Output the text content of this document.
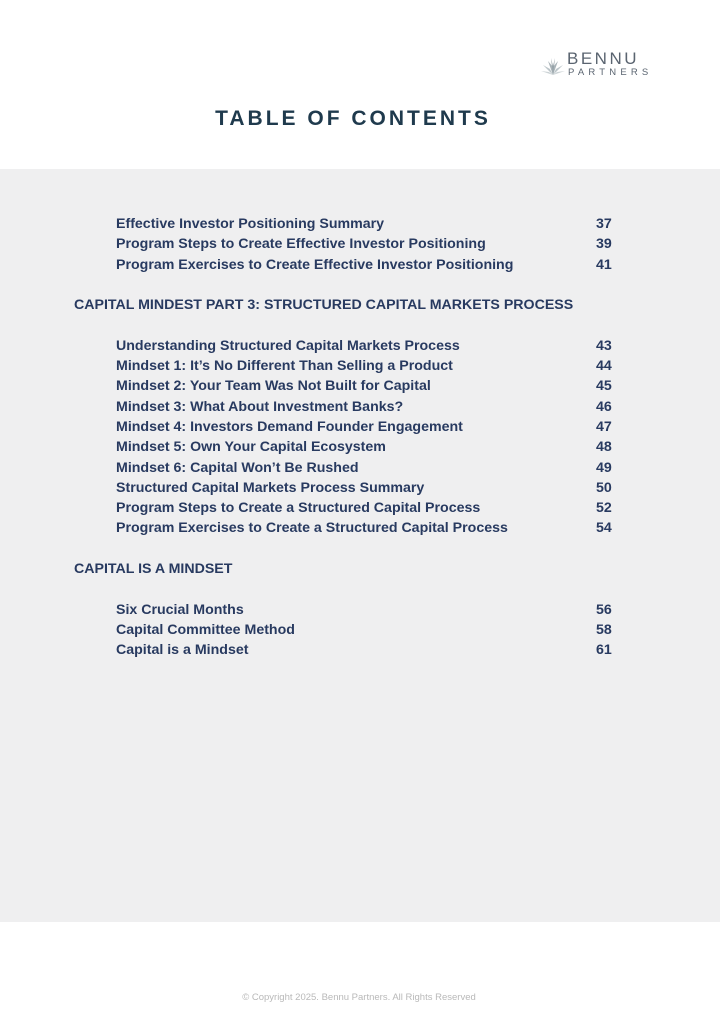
BENNU
PARTNERS
TABLE OF CONTENTS
Effective Investor Positioning Summary	37
Program Steps to Create Effective Investor Positioning	39
Program Exercises to Create Effective Investor Positioning	41
CAPITAL MINDEST PART 3: STRUCTURED CAPITAL MARKETS PROCESS
Understanding Structured Capital Markets Process	43
Mindset 1: It’s No Different Than Selling a Product	44
Mindset 2: Your Team Was Not Built for Capital	45
Mindset 3: What About Investment Banks?	46
Mindset 4: Investors Demand Founder Engagement	47
Mindset 5: Own Your Capital Ecosystem	48
Mindset 6: Capital Won’t Be Rushed	49
Structured Capital Markets Process Summary	50
Program Steps to Create a Structured Capital Process	52
Program Exercises to Create a Structured Capital Process	54
CAPITAL IS A MINDSET
Six Crucial Months	56
Capital Committee Method	58
Capital is a Mindset	61
© Copyright 2025. Bennu Partners. All Rights Reserved
